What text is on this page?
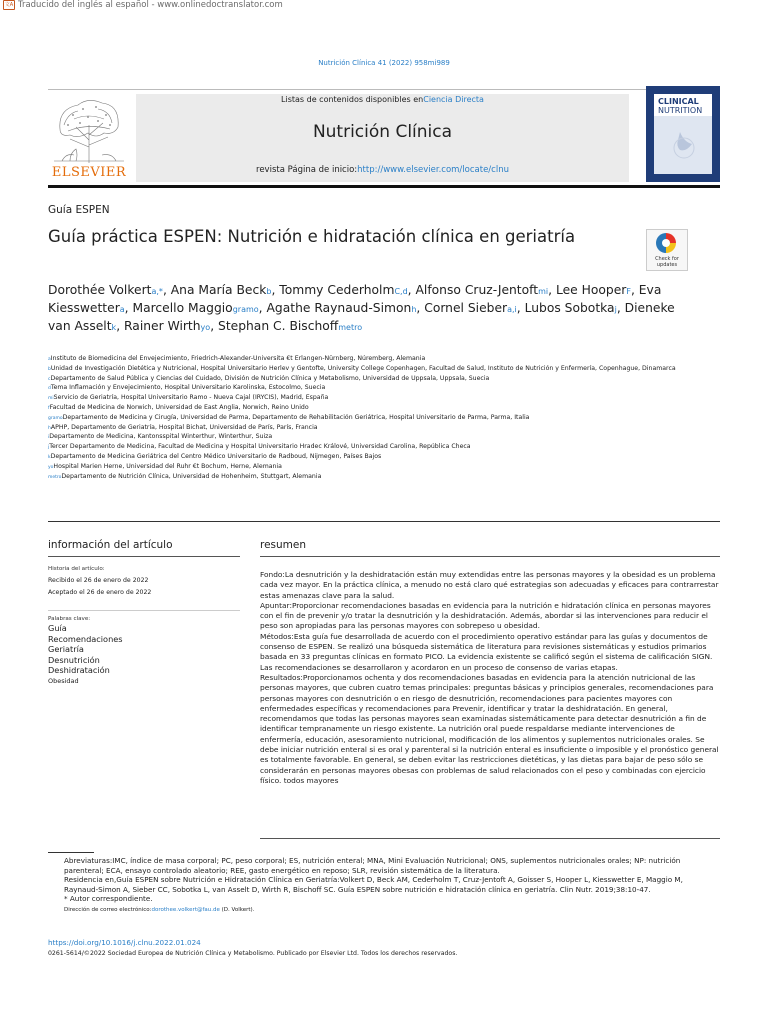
文A Traducido del inglés al español - www.onlinedoctranslator.com
Nutrición Clínica 41 (2022) 958mi989
ELSEVIER
Listas de contenidos disponibles enCiencia Directa
Nutrición Clínica
revista Página de inicio:http://www.elsevier.com/locate/clnu
CLINICAL
NUTRITION
Guía ESPEN
Guía práctica ESPEN: Nutrición e hidratación clínica en geriatría
Check for updates
Dorothée Volkerta,*, Ana María Beckb, Tommy CederholmC,d, Alfonso Cruz-Jentoftmi, Lee HooperF, Eva Kiesswettera, Marcello Maggiogramo, Agathe Raynaud-Simonh, Cornel Siebera,i, Lubos Sobotkaj, Dieneke van Asseltk, Rainer Wirthyo, Stephan C. Bischoffmetro

aInstituto de Biomedicina del Envejecimiento, Friedrich-Alexander-Universita €t Erlangen-Nürnberg, Núremberg, Alemania

bUnidad de Investigación Dietética y Nutricional, Hospital Universitario Herlev y Gentofte, University College Copenhagen, Facultad de Salud, Instituto de Nutrición y Enfermería, Copenhague, Dinamarca

cDepartamento de Salud Pública y Ciencias del Cuidado, División de Nutrición Clínica y Metabolismo, Universidad de Uppsala, Uppsala, Suecia

dTema Inflamación y Envejecimiento, Hospital Universitario Karolinska, Estocolmo, Suecia

miServicio de Geriatría, Hospital Universitario Ramo - Nueva Cajal (IRYCIS), Madrid, España

fFacultad de Medicina de Norwich, Universidad de East Anglia, Norwich, Reino Unido

gramoDepartamento de Medicina y Cirugía, Universidad de Parma, Departamento de Rehabilitación Geriátrica, Hospital Universitario de Parma, Parma, Italia

hAPHP, Departamento de Geriatría, Hospital Bichat, Universidad de París, París, Francia

iDepartamento de Medicina, Kantonsspital Winterthur, Winterthur, Suiza

jTercer Departamento de Medicina, Facultad de Medicina y Hospital Universitario Hradec Králové, Universidad Carolina, República Checa

kDepartamento de Medicina Geriátrica del Centro Médico Universitario de Radboud, Nijmegen, Países Bajos

yoHospital Marien Herne, Universidad del Ruhr €t Bochum, Herne, Alemania

metroDepartamento de Nutrición Clínica, Universidad de Hohenheim, Stuttgart, Alemania

información del artículo
Historia del artículo:
Recibido el 26 de enero de 2022
Aceptado el 26 de enero de 2022
Palabras clave:
Guía
Recomendaciones
Geriatría
Desnutrición
Deshidratación
Obesidad
resumen

Fondo:La desnutrición y la deshidratación están muy extendidas entre las personas mayores y la obesidad es un problema cada vez mayor. En la práctica clínica, a menudo no está claro qué estrategias son adecuadas y eficaces para contrarrestar estas amenazas clave para la salud.

Apuntar:Proporcionar recomendaciones basadas en evidencia para la nutrición e hidratación clínica en personas mayores con el fin de prevenir y/o tratar la desnutrición y la deshidratación. Además, abordar si las intervenciones para reducir el peso son apropiadas para las personas mayores con sobrepeso u obesidad.

Métodos:Esta guía fue desarrollada de acuerdo con el procedimiento operativo estándar para las guías y documentos de consenso de ESPEN. Se realizó una búsqueda sistemática de literatura para revisiones sistemáticas y estudios primarios basada en 33 preguntas clínicas en formato PICO. La evidencia existente se calificó según el sistema de calificación SIGN. Las recomendaciones se desarrollaron y acordaron en un proceso de consenso de varias etapas.

Resultados:Proporcionamos ochenta y dos recomendaciones basadas en evidencia para la atención nutricional de las personas mayores, que cubren cuatro temas principales: preguntas básicas y principios generales, recomendaciones para personas mayores con desnutrición o en riesgo de desnutrición, recomendaciones para pacientes mayores con enfermedades específicas y recomendaciones para Prevenir, identificar y tratar la deshidratación. En general, recomendamos que todas las personas mayores sean examinadas sistemáticamente para detectar desnutrición a fin de identificar tempranamente un riesgo existente. La nutrición oral puede respaldarse mediante intervenciones de enfermería, educación, asesoramiento nutricional, modificación de los alimentos y suplementos nutricionales orales. Se debe iniciar nutrición enteral si es oral y parenteral si la nutrición enteral es insuficiente o imposible y el pronóstico general es totalmente favorable. En general, se deben evitar las restricciones dietéticas, y las dietas para bajar de peso sólo se considerarán en personas mayores obesas con problemas de salud relacionados con el peso y combinadas con ejercicio físico. todos mayores

Abreviaturas:IMC, índice de masa corporal; PC, peso corporal; ES, nutrición enteral; MNA, Mini Evaluación Nutricional; ONS, suplementos nutricionales orales; NP: nutrición parenteral; ECA, ensayo controlado aleatorio; REE, gasto energético en reposo; SLR, revisión sistemática de la literatura.

Residencia en,Guía ESPEN sobre Nutrición e Hidratación Clínica en Geriatría:Volkert D, Beck AM, Cederholm T, Cruz-Jentoft A, Goisser S, Hooper L, Kiesswetter E, Maggio M, Raynaud-Simon A, Sieber CC, Sobotka L, van Asselt D, Wirth R, Bischoff SC. Guía ESPEN sobre nutrición e hidratación clínica en geriatría. Clin Nutr. 2019;38:10-47.

* Autor correspondiente.

Dirección de correo electrónico:dorothee.volkert@fau.de (D. Volkert).

https://doi.org/10.1016/j.clnu.2022.01.024
0261-5614/©2022 Sociedad Europea de Nutrición Clínica y Metabolismo. Publicado por Elsevier Ltd. Todos los derechos reservados.
